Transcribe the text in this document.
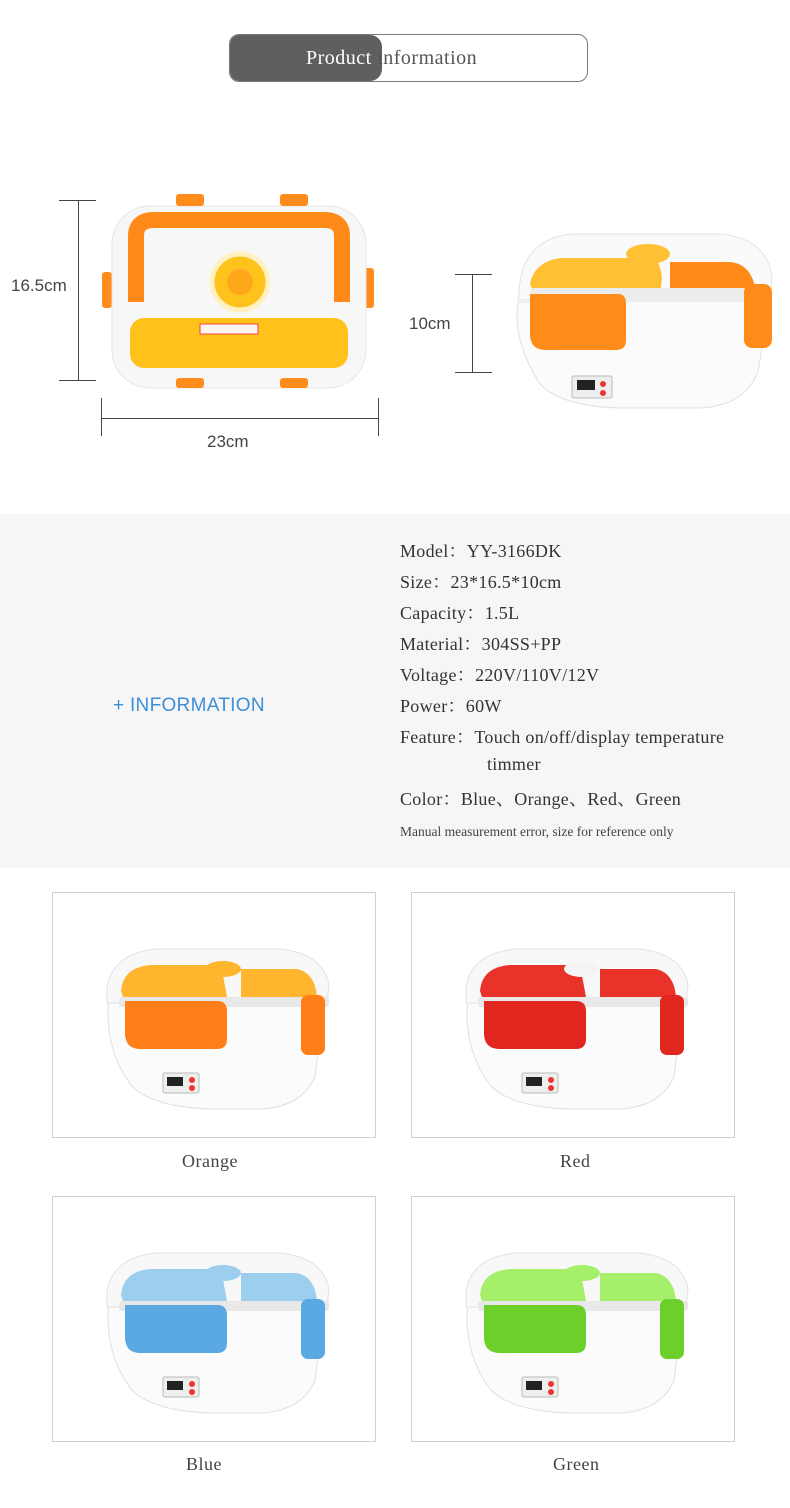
Product information
16.5cm
23cm
10cm
+ INFORMATION
Model：YY-3166DK
Size：23*16.5*10cm
Capacity：1.5L
Material：304SS+PP
Voltage：220V/110V/12V
Power：60W
Feature：Touch on/off/display temperature
timmer
Color：Blue、Orange、Red、Green
Manual measurement error, size for reference only
Orange	Red
Blue	Green
